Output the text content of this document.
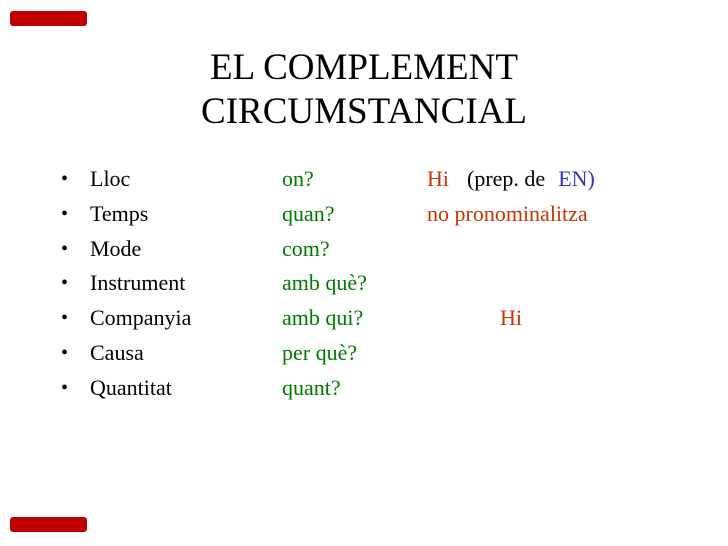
EL COMPLEMENT
CIRCUMSTANCIAL
• Lloc	on?	Hi (prep. de EN)
• Temps	quan?	no pronominalitza
• Mode	com?
• Instrument	amb què?
• Companyia	amb qui?	Hi
• Causa	per què?
• Quantitat	quant?
